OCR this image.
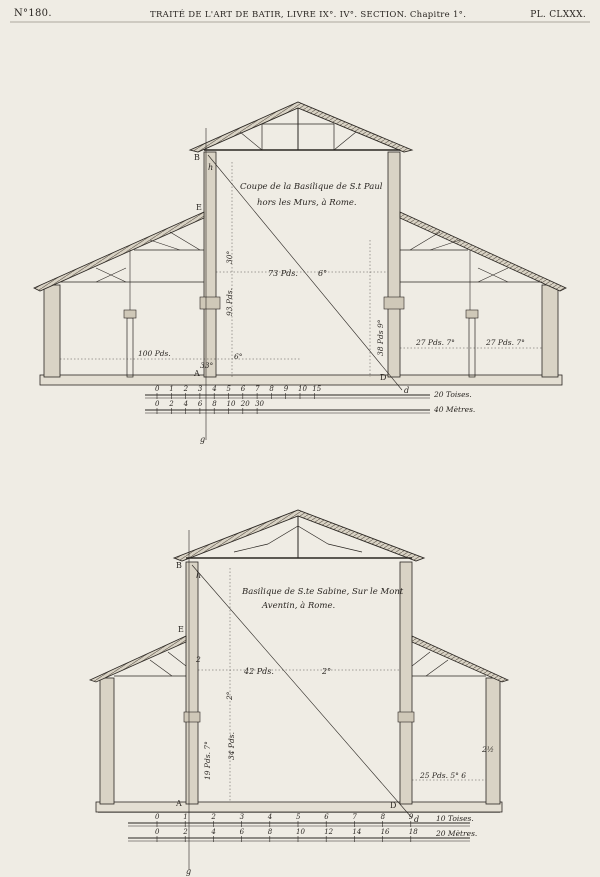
N°180.	TRAITÉ DE L'ART DE BATIR, LIVRE IX°. IV°. SECTION. Chapitre 1°.	PL. CLXXX.
B
h
E
A	D
d
g
Coupe de la Basilique de S.t Paul
hors les Murs, à Rome.
73 Pds.	6°
30°
93 Pds.
38 Pds 9°	27 Pds. 7°	27 Pds. 7°
100 Pds.
33°
6°
20 Toises.
40 Mètres.
0 1 2 3 4 5 6 7 8 9 10 15
0 2 4 6 8 10 20 30
B
h
E
A	D
d
g
Basilique de S.te Sabine, Sur le Mont
Aventin, à Rome.
42 Pds.	2°
2
2°
19 Pds. 7° 34 Pds.
25 Pds. 5° 6
2½
10 Toises.
20 Mètres.
0	1	2	3	4	5	6	7	8	9
0	2	4	6	8	10	12	14	16	18
